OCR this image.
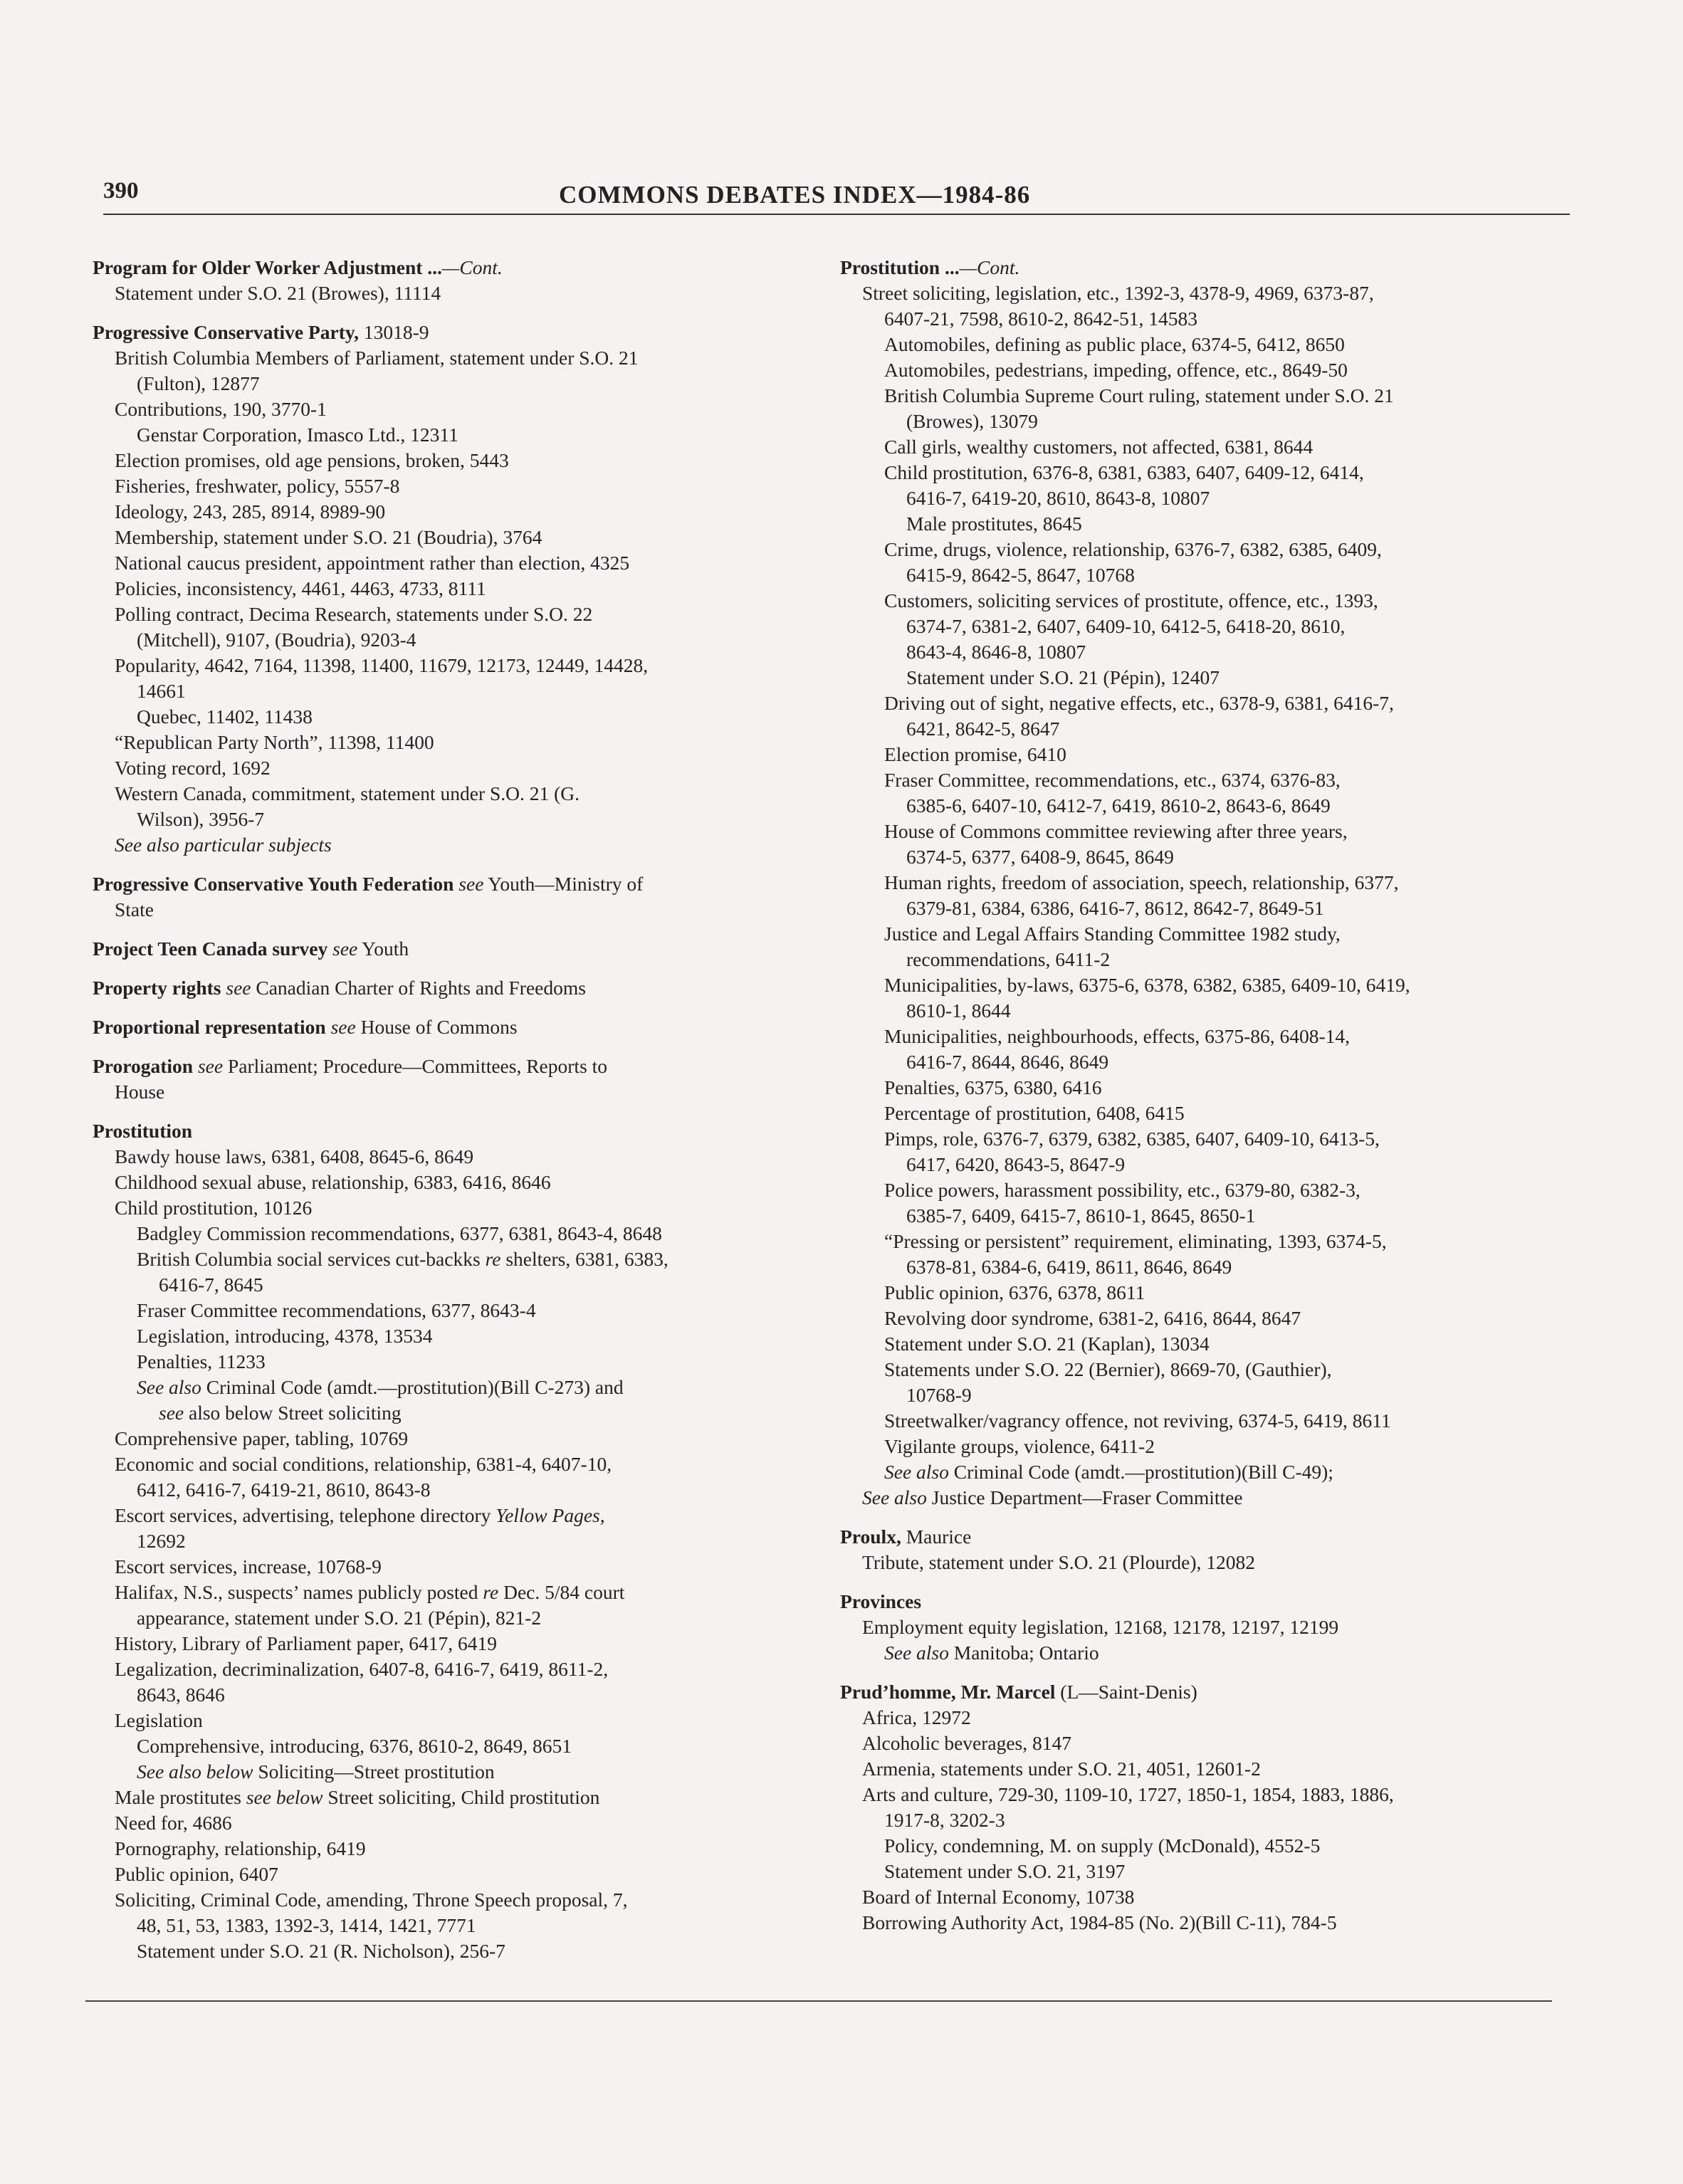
390	COMMONS DEBATES INDEX—1984-86
Program for Older Worker Adjustment ...—Cont.
Statement under S.O. 21 (Browes), 11114
Progressive Conservative Party, 13018-9
British Columbia Members of Parliament, statement under S.O. 21
(Fulton), 12877
Contributions, 190, 3770-1
Genstar Corporation, Imasco Ltd., 12311
Election promises, old age pensions, broken, 5443
Fisheries, freshwater, policy, 5557-8
Ideology, 243, 285, 8914, 8989-90
Membership, statement under S.O. 21 (Boudria), 3764
National caucus president, appointment rather than election, 4325
Policies, inconsistency, 4461, 4463, 4733, 8111
Polling contract, Decima Research, statements under S.O. 22
(Mitchell), 9107, (Boudria), 9203-4
Popularity, 4642, 7164, 11398, 11400, 11679, 12173, 12449, 14428,
14661
Quebec, 11402, 11438
“Republican Party North”, 11398, 11400
Voting record, 1692
Western Canada, commitment, statement under S.O. 21 (G.
Wilson), 3956-7
See also particular subjects
Progressive Conservative Youth Federation see Youth—Ministry of
State
Project Teen Canada survey see Youth
Property rights see Canadian Charter of Rights and Freedoms
Proportional representation see House of Commons
Prorogation see Parliament; Procedure—Committees, Reports to
House
Prostitution
Bawdy house laws, 6381, 6408, 8645-6, 8649
Childhood sexual abuse, relationship, 6383, 6416, 8646
Child prostitution, 10126
Badgley Commission recommendations, 6377, 6381, 8643-4, 8648
British Columbia social services cut-backks re shelters, 6381, 6383,
6416-7, 8645
Fraser Committee recommendations, 6377, 8643-4
Legislation, introducing, 4378, 13534
Penalties, 11233
See also Criminal Code (amdt.—prostitution)(Bill C-273) and
see also below Street soliciting
Comprehensive paper, tabling, 10769
Economic and social conditions, relationship, 6381-4, 6407-10,
6412, 6416-7, 6419-21, 8610, 8643-8
Escort services, advertising, telephone directory Yellow Pages,
12692
Escort services, increase, 10768-9
Halifax, N.S., suspects’ names publicly posted re Dec. 5/84 court
appearance, statement under S.O. 21 (Pépin), 821-2
History, Library of Parliament paper, 6417, 6419
Legalization, decriminalization, 6407-8, 6416-7, 6419, 8611-2,
8643, 8646
Legislation
Comprehensive, introducing, 6376, 8610-2, 8649, 8651
See also below Soliciting—Street prostitution
Male prostitutes see below Street soliciting, Child prostitution
Need for, 4686
Pornography, relationship, 6419
Public opinion, 6407
Soliciting, Criminal Code, amending, Throne Speech proposal, 7,
48, 51, 53, 1383, 1392-3, 1414, 1421, 7771
Statement under S.O. 21 (R. Nicholson), 256-7
Prostitution ...—Cont.
Street soliciting, legislation, etc., 1392-3, 4378-9, 4969, 6373-87,
6407-21, 7598, 8610-2, 8642-51, 14583
Automobiles, defining as public place, 6374-5, 6412, 8650
Automobiles, pedestrians, impeding, offence, etc., 8649-50
British Columbia Supreme Court ruling, statement under S.O. 21
(Browes), 13079
Call girls, wealthy customers, not affected, 6381, 8644
Child prostitution, 6376-8, 6381, 6383, 6407, 6409-12, 6414,
6416-7, 6419-20, 8610, 8643-8, 10807
Male prostitutes, 8645
Crime, drugs, violence, relationship, 6376-7, 6382, 6385, 6409,
6415-9, 8642-5, 8647, 10768
Customers, soliciting services of prostitute, offence, etc., 1393,
6374-7, 6381-2, 6407, 6409-10, 6412-5, 6418-20, 8610,
8643-4, 8646-8, 10807
Statement under S.O. 21 (Pépin), 12407
Driving out of sight, negative effects, etc., 6378-9, 6381, 6416-7,
6421, 8642-5, 8647
Election promise, 6410
Fraser Committee, recommendations, etc., 6374, 6376-83,
6385-6, 6407-10, 6412-7, 6419, 8610-2, 8643-6, 8649
House of Commons committee reviewing after three years,
6374-5, 6377, 6408-9, 8645, 8649
Human rights, freedom of association, speech, relationship, 6377,
6379-81, 6384, 6386, 6416-7, 8612, 8642-7, 8649-51
Justice and Legal Affairs Standing Committee 1982 study,
recommendations, 6411-2
Municipalities, by-laws, 6375-6, 6378, 6382, 6385, 6409-10, 6419,
8610-1, 8644
Municipalities, neighbourhoods, effects, 6375-86, 6408-14,
6416-7, 8644, 8646, 8649
Penalties, 6375, 6380, 6416
Percentage of prostitution, 6408, 6415
Pimps, role, 6376-7, 6379, 6382, 6385, 6407, 6409-10, 6413-5,
6417, 6420, 8643-5, 8647-9
Police powers, harassment possibility, etc., 6379-80, 6382-3,
6385-7, 6409, 6415-7, 8610-1, 8645, 8650-1
“Pressing or persistent” requirement, eliminating, 1393, 6374-5,
6378-81, 6384-6, 6419, 8611, 8646, 8649
Public opinion, 6376, 6378, 8611
Revolving door syndrome, 6381-2, 6416, 8644, 8647
Statement under S.O. 21 (Kaplan), 13034
Statements under S.O. 22 (Bernier), 8669-70, (Gauthier),
10768-9
Streetwalker/vagrancy offence, not reviving, 6374-5, 6419, 8611
Vigilante groups, violence, 6411-2
See also Criminal Code (amdt.—prostitution)(Bill C-49);
See also Justice Department—Fraser Committee
Proulx, Maurice
Tribute, statement under S.O. 21 (Plourde), 12082
Provinces
Employment equity legislation, 12168, 12178, 12197, 12199
See also Manitoba; Ontario
Prud’homme, Mr. Marcel (L—Saint-Denis)
Africa, 12972
Alcoholic beverages, 8147
Armenia, statements under S.O. 21, 4051, 12601-2
Arts and culture, 729-30, 1109-10, 1727, 1850-1, 1854, 1883, 1886,
1917-8, 3202-3
Policy, condemning, M. on supply (McDonald), 4552-5
Statement under S.O. 21, 3197
Board of Internal Economy, 10738
Borrowing Authority Act, 1984-85 (No. 2)(Bill C-11), 784-5
